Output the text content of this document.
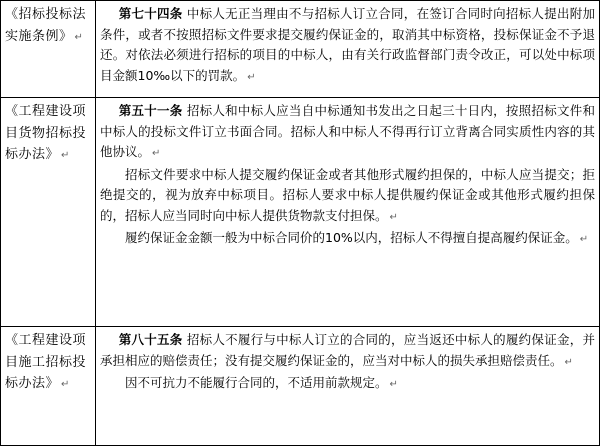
《招标投标法实施条例》 ↵	第七十四条 中标人无正当理由不与招标人订立合同，在签订合同时向招标人提出附加条件，或者不按照招标文件要求提交履约保证金的，取消其中标资格，投标保证金不予退还。对依法必须进行招标的项目的中标人，由有关行政监督部门责令改正，可以处中标项目金额10‰以下的罚款。 ↵

《工程建设项目货物招标投标办法》 ↵	第五十一条 招标人和中标人应当自中标通知书发出之日起三十日内，按照招标文件和中标人的投标文件订立书面合同。招标人和中标人不得再行订立背离合同实质性内容的其他协议。 ↵

招标文件要求中标人提交履约保证金或者其他形式履约担保的，中标人应当提交；拒绝提交的，视为放弃中标项目。招标人要求中标人提供履约保证金或其他形式履约担保的，招标人应当同时向中标人提供货物款支付担保。 ↵

履约保证金金额一般为中标合同价的10%以内，招标人不得擅自提高履约保证金。 ↵

《工程建设项目施工招标投标办法》 ↵	第八十五条 招标人不履行与中标人订立的合同的，应当返还中标人的履约保证金，并承担相应的赔偿责任；没有提交履约保证金的，应当对中标人的损失承担赔偿责任。 ↵

因不可抗力不能履行合同的，不适用前款规定。 ↵
